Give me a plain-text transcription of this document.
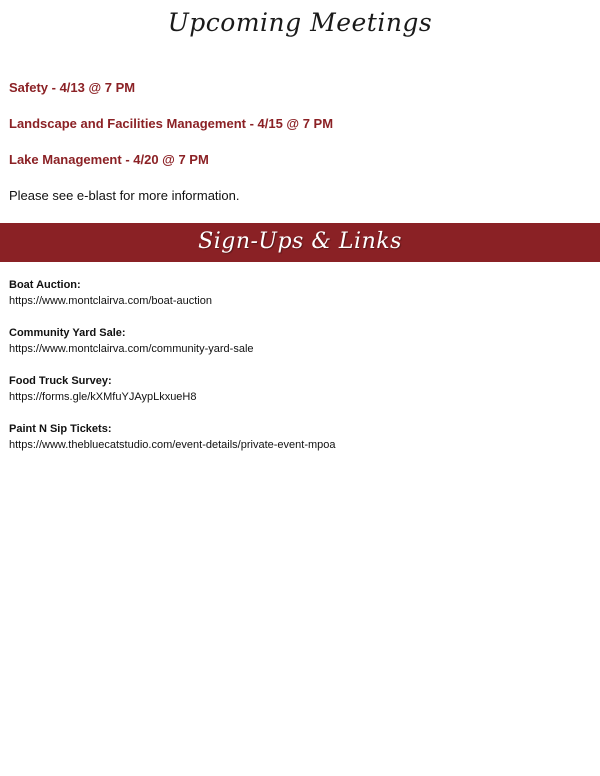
Upcoming Meetings
Safety - 4/13 @ 7 PM
Landscape and Facilities Management - 4/15 @ 7 PM
Lake Management - 4/20 @ 7 PM
Please see e-blast for more information.
Sign-Ups & Links
Boat Auction:
https://www.montclairva.com/boat-auction
Community Yard Sale:
https://www.montclairva.com/community-yard-sale
Food Truck Survey:
https://forms.gle/kXMfuYJAypLkxueH8
Paint N Sip Tickets:
https://www.thebluecatstudio.com/event-details/private-event-mpoa
